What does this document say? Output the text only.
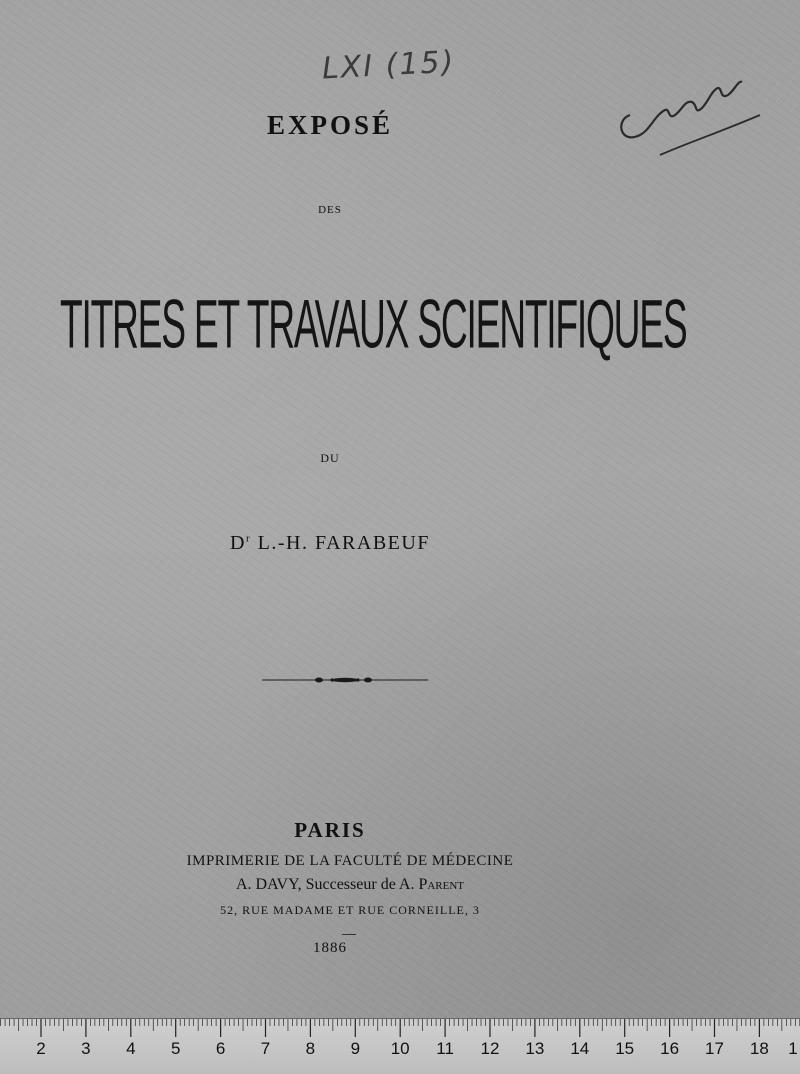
LXI (15)
EXPOSÉ
DES
TITRES ET TRAVAUX SCIENTIFIQUES
DU
$D^r$ L.-H. FARABEUF
PARIS
IMPRIMERIE DE LA FACULTÉ DE MÉDECINE
A. DAVY, Successeur de A. Parent
52, RUE MADAME ET RUE CORNEILLE, 3
1886
2 3 4 5 6 7 8 9 10 11 12 13 14 15 16 17 18 1
